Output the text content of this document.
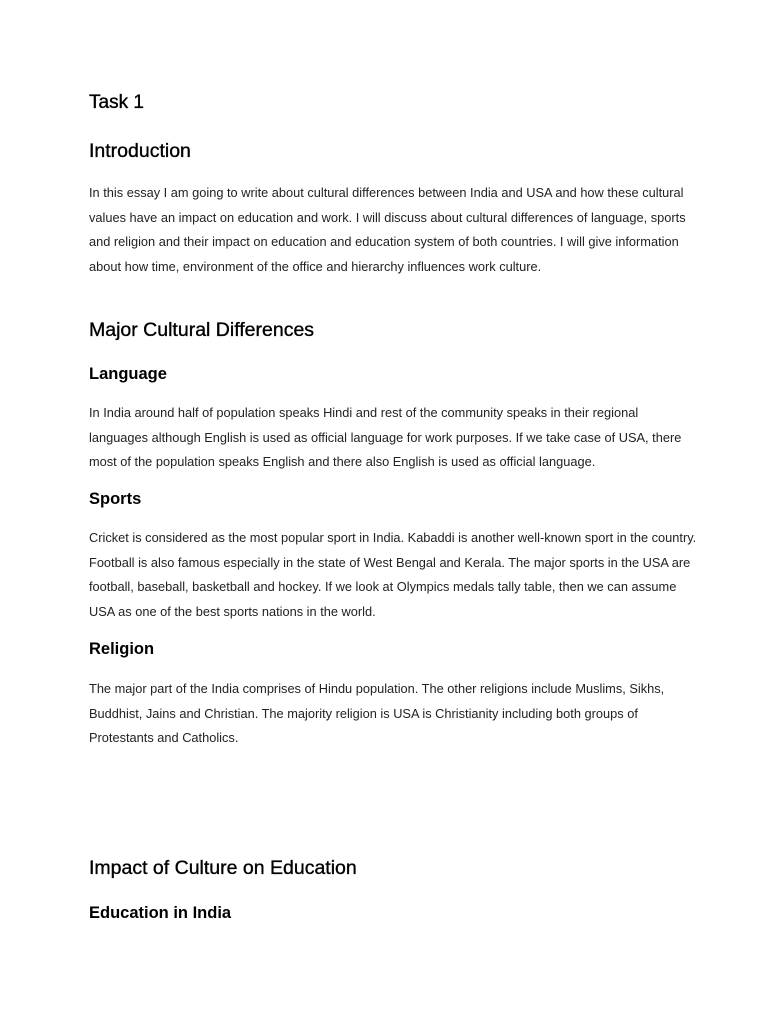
Task 1
Introduction

In this essay I am going to write about cultural differences between India and USA and how these cultural values have an impact on education and work. I will discuss about cultural differences of language, sports and religion and their impact on education and education system of both countries. I will give information about how time, environment of the office and hierarchy influences work culture.

Major Cultural Differences
Language

In India around half of population speaks Hindi and rest of the community speaks in their regional languages although English is used as official language for work purposes. If we take case of USA, there most of the population speaks English and there also English is used as official language.

Sports

Cricket is considered as the most popular sport in India. Kabaddi is another well-known sport in the country. Football is also famous especially in the state of West Bengal and Kerala. The major sports in the USA are football, baseball, basketball and hockey. If we look at Olympics medals tally table, then we can assume USA as one of the best sports nations in the world.

Religion

The major part of the India comprises of Hindu population. The other religions include Muslims, Sikhs, Buddhist, Jains and Christian. The majority religion is USA is Christianity including both groups of Protestants and Catholics.

Impact of Culture on Education
Education in India
